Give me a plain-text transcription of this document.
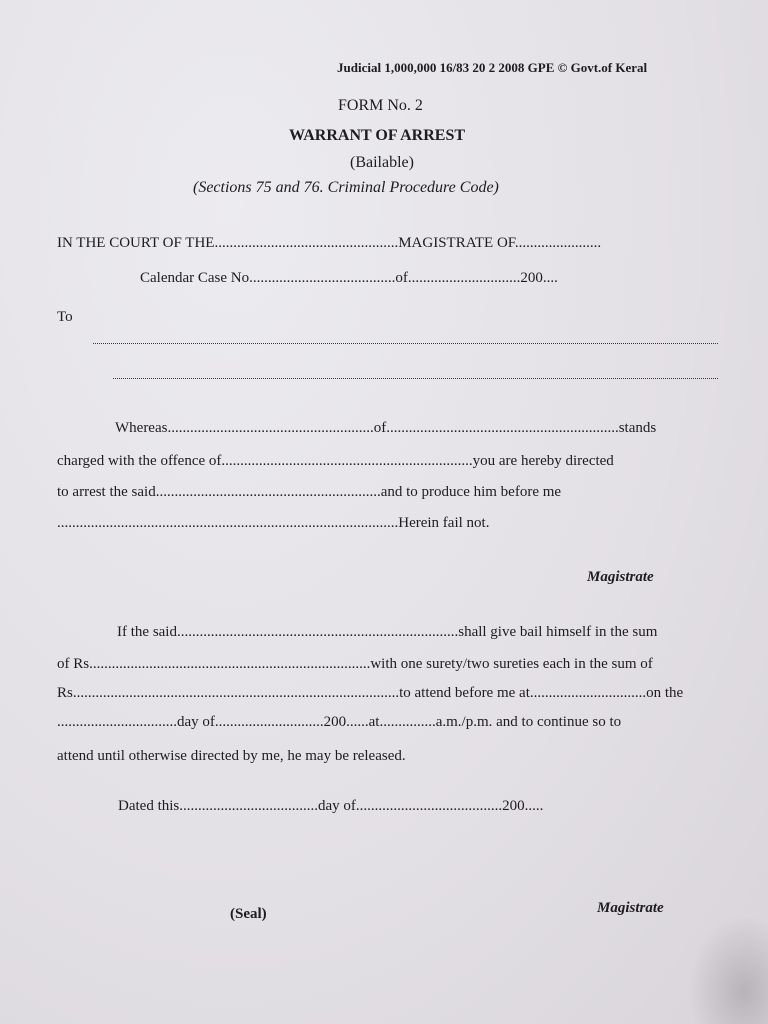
Judicial 1,000,000 16/83 20 2 2008 GPE © Govt.of Keral
FORM No. 2
WARRANT OF ARREST
(Bailable)
(Sections 75 and 76. Criminal Procedure Code)
IN THE COURT OF THE.................................................MAGISTRATE OF.......................
Calendar Case No.......................................of..............................200....
To
Whereas.......................................................of..............................................................stands
charged with the offence of...................................................................you are hereby directed
to arrest the said............................................................and to produce him before me
...........................................................................................Herein fail not.
Magistrate
If the said...........................................................................shall give bail himself in the sum
of Rs...........................................................................with one surety/two sureties each in the sum of
Rs.......................................................................................to attend before me at...............................on the
................................day of.............................200......at...............a.m./p.m. and to continue so to
attend until otherwise directed by me, he may be released.
Dated this.....................................day of.......................................200.....
(Seal)	Magistrate
